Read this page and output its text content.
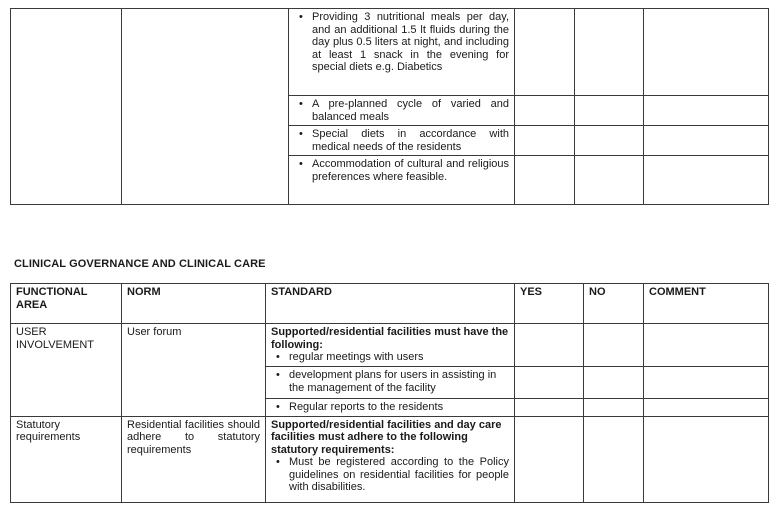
		• Providing 3 nutritional meals per day, and an additional 1.5 lt fluids during the day plus 0.5 liters at night, and including at least 1 snack in the evening for special diets e.g. Diabetics

		• A pre-planned cycle of varied and balanced meals

		• Special diets in accordance with medical needs of the residents

		• Accommodation of cultural and religious preferences where feasible.

CLINICAL GOVERNANCE AND CLINICAL CARE
FUNCTIONAL AREA	NORM	STANDARD	YES	NO	COMMENT
USER INVOLVEMENT	User forum	Supported/residential facilities must have the following:
• regular meetings with users

		• development plans for users in assisting in the management of the facility

		• Regular reports to the residents

Statutory requirements	Residential facilities should adhere to statutory requirements	Supported/residential facilities and day care facilities must adhere to the following statutory requirements:
• Must be registered according to the Policy guidelines on residential facilities for people with disabilities.
